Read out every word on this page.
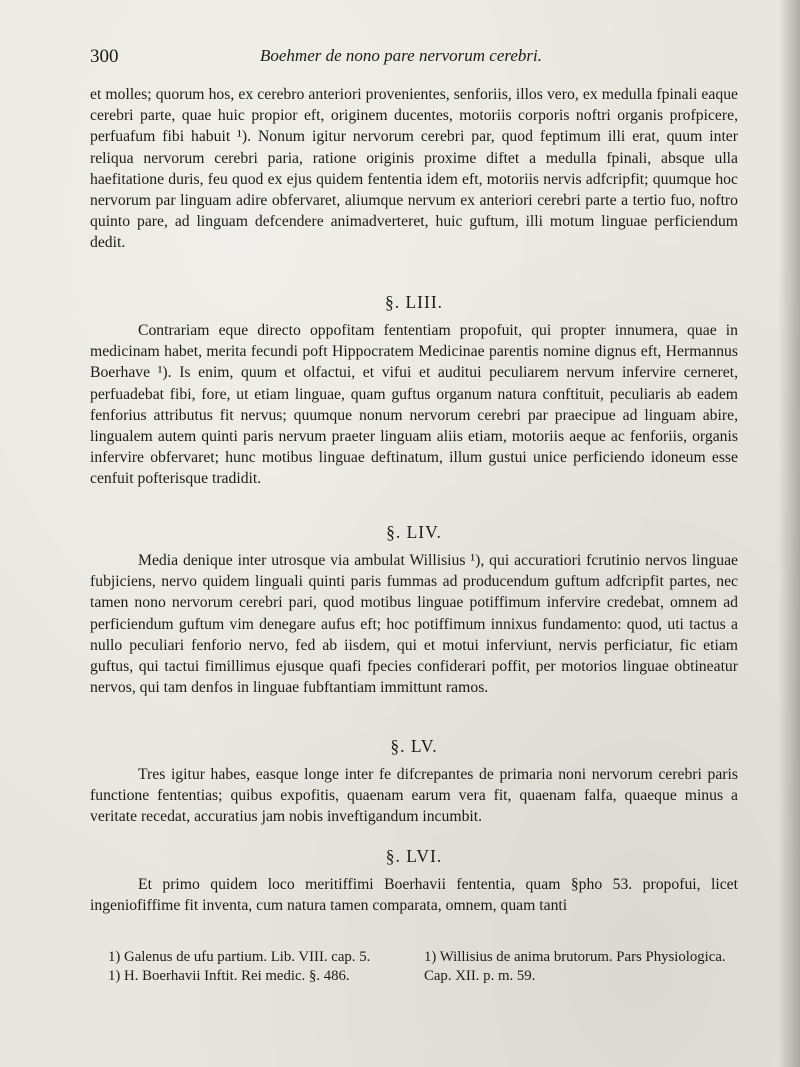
300	Boehmer de nono pare nervorum cerebri.

et molles; quorum hos, ex cerebro anteriori provenientes, senforiis, illos vero, ex medulla fpinali eaque cerebri parte, quae huic propior eft, originem ducentes, motoriis corporis noftri organis profpicere, perfuafum fibi habuit ¹). Nonum igitur nervorum cerebri par, quod feptimum illi erat, quum inter reliqua nervorum cerebri paria, ratione originis proxime diftet a medulla fpinali, absque ulla haefitatione duris, feu quod ex ejus quidem fententia idem eft, motoriis nervis adfcripfit; quumque hoc nervorum par linguam adire obfervaret, aliumque nervum ex anteriori cerebri parte a tertio fuo, noftro quinto pare, ad linguam defcendere animadverteret, huic guftum, illi motum linguae perficiendum dedit.

§. LIII.

Contrariam eque directo oppofitam fententiam propofuit, qui propter innumera, quae in medicinam habet, merita fecundi poft Hippocratem Medicinae parentis nomine dignus eft, Hermannus Boerhave ¹). Is enim, quum et olfactui, et vifui et auditui peculiarem nervum infervire cerneret, perfuadebat fibi, fore, ut etiam linguae, quam guftus organum natura conftituit, peculiaris ab eadem fenforius attributus fit nervus; quumque nonum nervorum cerebri par praecipue ad linguam abire, lingualem autem quinti paris nervum praeter linguam aliis etiam, motoriis aeque ac fenforiis, organis infervire obfervaret; hunc motibus linguae deftinatum, illum gustui unice perficiendo idoneum esse cenfuit pofterisque tradidit.

§. LIV.

Media denique inter utrosque via ambulat Willisius ¹), qui accuratiori fcrutinio nervos linguae fubjiciens, nervo quidem linguali quinti paris fummas ad producendum guftum adfcripfit partes, nec tamen nono nervorum cerebri pari, quod motibus linguae potiffimum infervire credebat, omnem ad perficiendum guftum vim denegare aufus eft; hoc potiffimum innixus fundamento: quod, uti tactus a nullo peculiari fenforio nervo, fed ab iisdem, qui et motui inferviunt, nervis perficiatur, fic etiam guftus, qui tactui fimillimus ejusque quafi fpecies confiderari poffit, per motorios linguae obtineatur nervos, qui tam denfos in linguae fubftantiam immittunt ramos.

§. LV.

Tres igitur habes, easque longe inter fe difcrepantes de primaria noni nervorum cerebri paris functione fententias; quibus expofitis, quaenam earum vera fit, quaenam falfa, quaeque minus a veritate recedat, accuratius jam nobis inveftigandum incumbit.

§. LVI.

Et primo quidem loco meritiffimi Boerhavii fententia, quam §pho 53. propofui, licet ingeniofiffime fit inventa, cum natura tamen comparata, omnem, quam tanti

1) Galenus de ufu partium. Lib. VIII. cap. 5.
1) H. Boerhavii Inftit. Rei medic. §. 486.
1) Willisius de anima brutorum. Pars Physiologica. Cap. XII. p. m. 59.
